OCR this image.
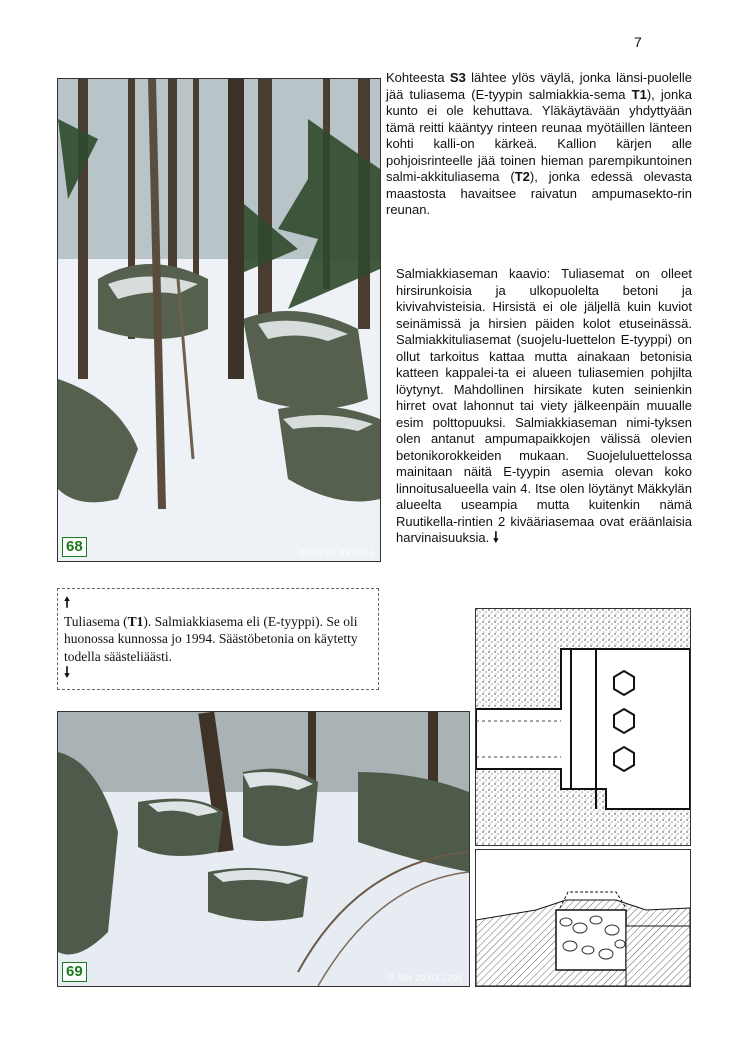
7
68	© MH 20.03.1994
Kohteesta S3 lähtee ylös väylä, jonka länsi-puolelle jää tuliasema (E-tyypin salmiakkia-sema T1), jonka kunto ei ole kehuttava. Yläkäytävään yhdyttyään tämä reitti kääntyy rinteen reunaa myötäillen länteen kohti kalli-on kärkeä. Kallion kärjen alle pohjoisrinteelle jää toinen hieman parempikuntoinen salmi-akkituliasema (T2), jonka edessä olevasta maastosta havaitsee raivatun ampumasekto-rin reunan.
Salmiakkiaseman kaavio: Tuliasemat on olleet hirsirunkoisia ja ulkopuolelta betoni ja kivivahvisteisia. Hirsistä ei ole jäljellä kuin kuviot seinämissä ja hirsien päiden kolot etuseinässä. Salmiakkituliasemat (suojelu-luettelon E-tyyppi) on ollut tarkoitus kattaa mutta ainakaan betonisia katteen kappalei-ta ei alueen tuliasemien pohjilta löytynyt. Mahdollinen hirsikate kuten seinienkin hirret ovat lahonnut tai viety jälkeenpäin muualle esim polttopuuksi. Salmiakkiaseman nimi-tyksen olen antanut ampumapaikkojen välissä olevien betonikorokkeiden mukaan. Suojeluluettelossa mainitaan näitä E-tyypin asemia olevan koko linnoitusalueella vain 4. Itse olen löytänyt Mäkkylän alueelta useampia mutta kuitenkin nämä Ruutikella-rintien 2 kivääriasemaa ovat eräänlaisia harvinaisuuksia. 🠗
🠕
Tuliasema (T1). Salmiakkiasema eli (E-tyyppi). Se oli huonossa kunnossa jo 1994. Säästöbetonia on käytetty todella säästeliäästi.
🠗
69	© MH 20.03.1994
